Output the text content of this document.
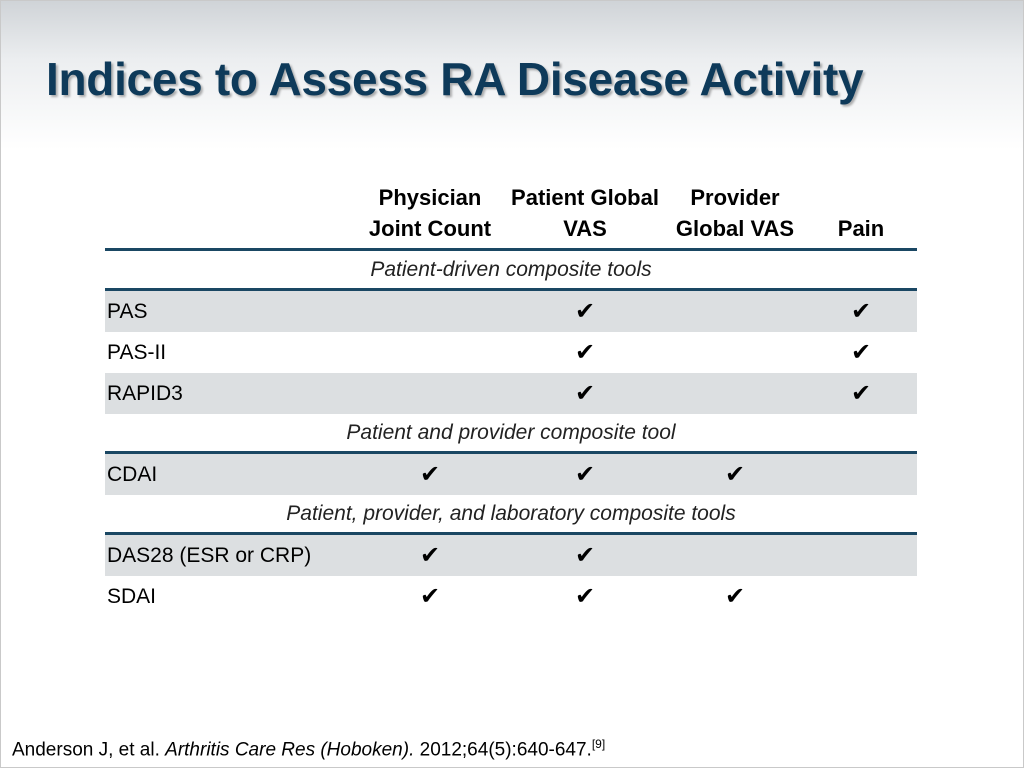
Indices to Assess RA Disease Activity
	Physician Joint Count	Patient Global VAS	Provider Global VAS	Pain
Patient-driven composite tools				
PAS		✔		✔
PAS-II		✔		✔
RAPID3		✔		✔
Patient and provider composite tool				
CDAI	✔	✔	✔	
Patient, provider, and laboratory composite tools				
DAS28 (ESR or CRP)	✔	✔		
SDAI	✔	✔	✔	
Anderson J, et al. Arthritis Care Res (Hoboken). 2012;64(5):640-647.[9]
